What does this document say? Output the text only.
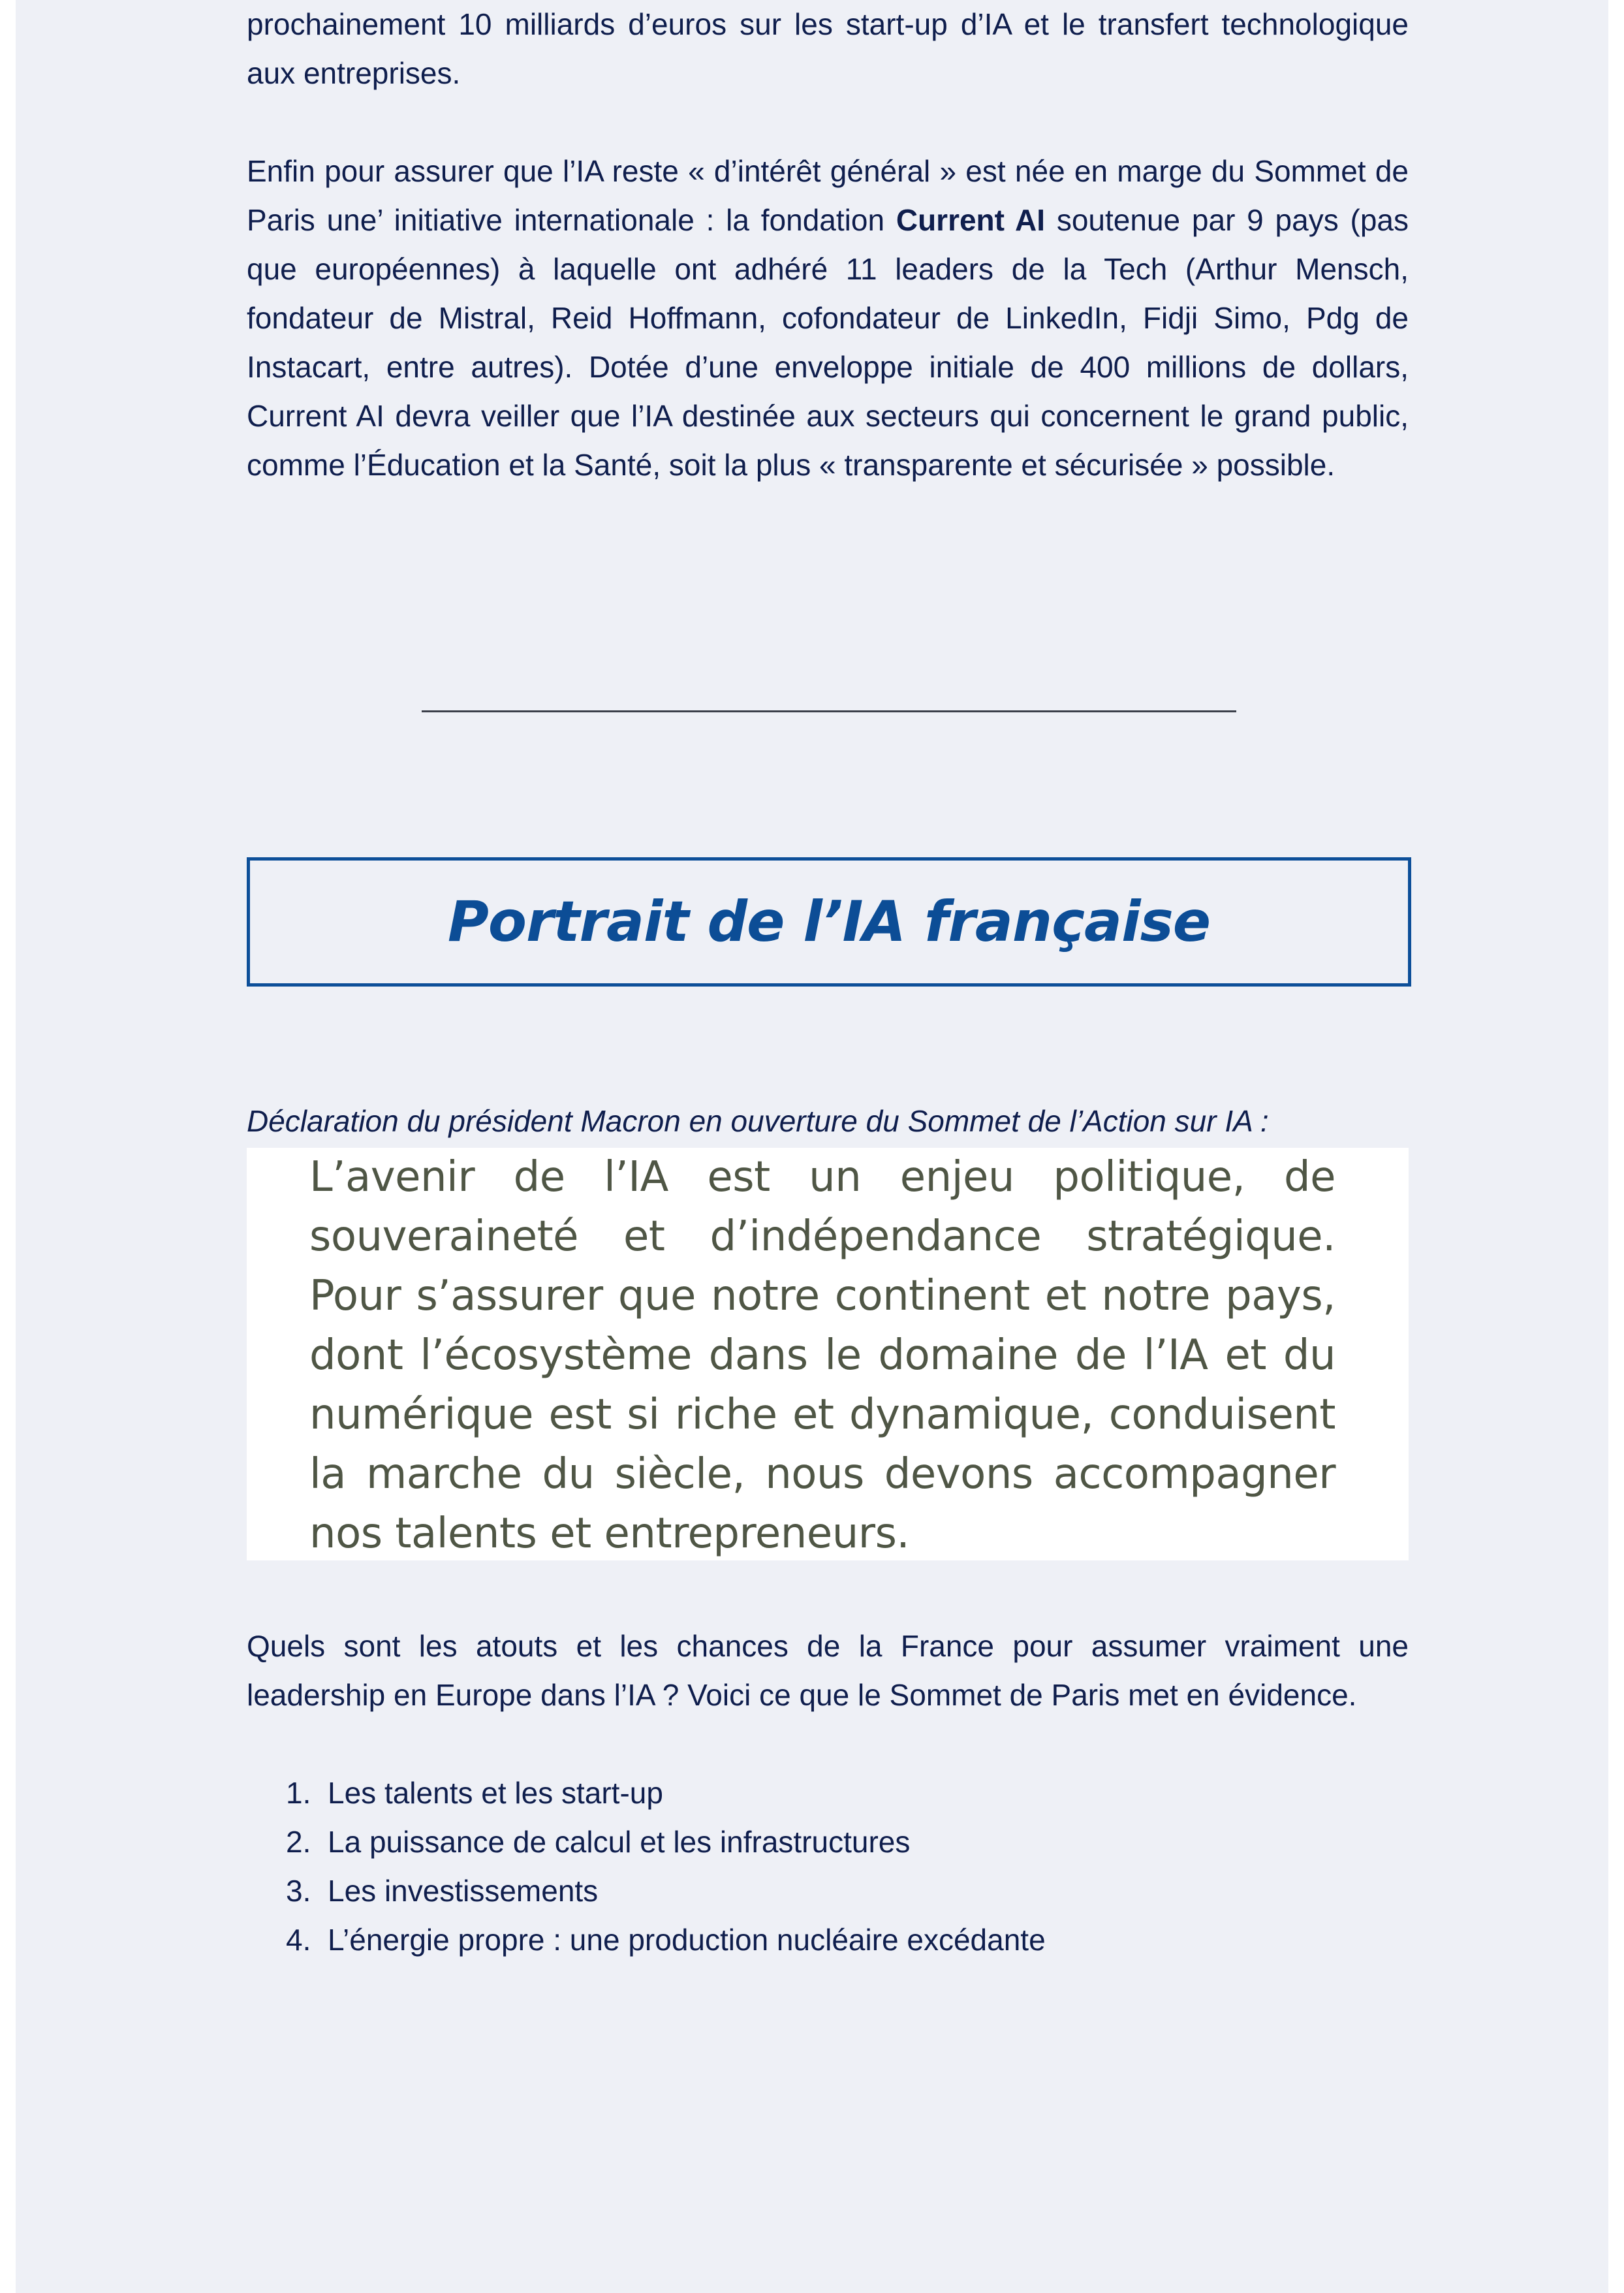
prochainement 10 milliards d’euros sur les start-up d’IA et le transfert technologique aux entreprises.

Enfin pour assurer que l’IA reste « d’intérêt général » est née en marge du Sommet de Paris une’ initiative internationale : la fondation Current AI soutenue par 9 pays (pas que européennes) à laquelle ont adhéré 11 leaders de la Tech (Arthur Mensch, fondateur de Mistral, Reid Hoffmann, cofondateur de LinkedIn, Fidji Simo, Pdg de Instacart, entre autres). Dotée d’une enveloppe initiale de 400 millions de dollars, Current AI devra veiller que l’IA destinée aux secteurs qui concernent le grand public, comme l’Éducation et la Santé, soit la plus « transparente et sécurisée » possible.

Portrait de l’IA française
Déclaration du président Macron en ouverture du Sommet de l’Action sur IA :

L’avenir de l’IA est un enjeu politique, de souveraineté et d’indépendance stratégique. Pour s’assurer que notre continent et notre pays, dont l’écosystème dans le domaine de l’IA et du numérique est si riche et dynamique, conduisent la marche du siècle, nous devons accompagner nos talents et entrepreneurs.

Quels sont les atouts et les chances de la France pour assumer vraiment une leadership en Europe dans l’IA ? Voici ce que le Sommet de Paris met en évidence.

1. Les talents et les start-up
2. La puissance de calcul et les infrastructures
3. Les investissements
4. L’énergie propre : une production nucléaire excédante
